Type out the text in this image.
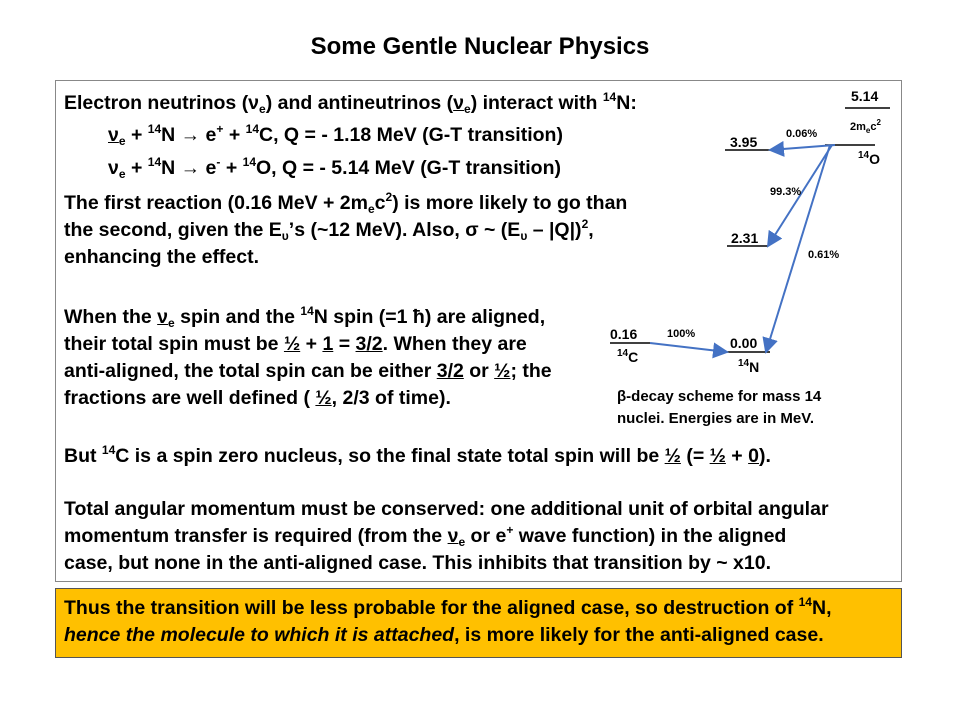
Some Gentle Nuclear Physics
Electron neutrinos $(\nu_e)$ and antineutrinos $(\nu_e)$ interact with $^{14}$N:
$\nu_e + ^{14}N \to e^+ + ^{14}C$, Q = - 1.18 MeV (G-T transition)
$\nu_e + ^{14}N \to e^- + ^{14}O$, Q = - 5.14 MeV (G-T transition)
The first reaction (0.16 MeV + $2m_ec^2$) is more likely to go than
the second, given the $E_\upsilon’s$ (~12 MeV). Also, σ ~ $(E_\upsilon - |Q|)^2$,
enhancing the effect.
When the $\nu_e$ spin and the $^{14}$N spin (=1 ћ) are aligned,
their total spin must be ½ + 1 = 3/2. When they are
anti-aligned, the total spin can be either 3/2 or ½; the
fractions are well defined ( ½, 2/3 of time).
But $^{14}$C is a spin zero nucleus, so the final state total spin will be ½ (= ½ + 0).
Total angular momentum must be conserved: one additional unit of orbital angular
momentum transfer is required (from the $\nu_e$ or e+ wave function) in the aligned
case, but none in the anti-aligned case. This inhibits that transition by ~ x10.
Thus the transition will be less probable for the aligned case, so destruction of $^{14}$N,
hence the molecule to which it is attached, is more likely for the anti-aligned case.
5.14
$2m_ec^2$
$^{14}$O
3.95	0.06%
99.3%
2.31
0.61%
0.16	100%
0.00
$^{14}$C	$^{14}$N
β-decay scheme for mass 14
nuclei. Energies are in MeV.
